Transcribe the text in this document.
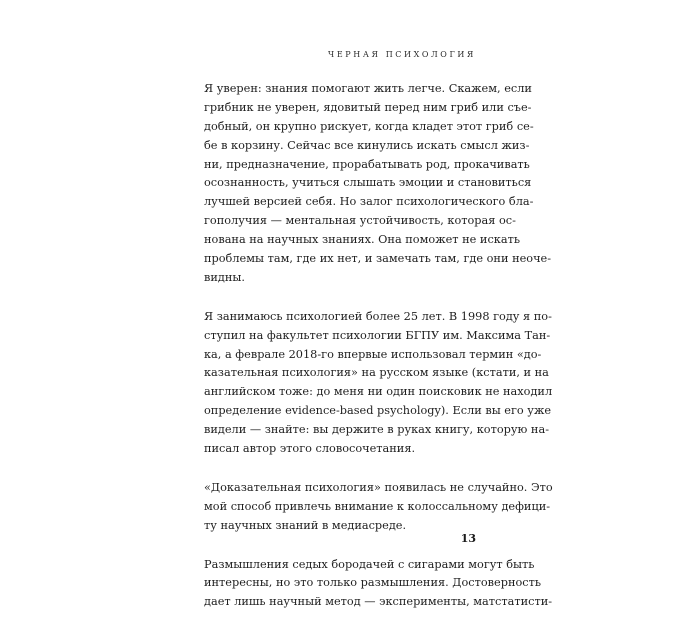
ЧЕРНАЯ ПСИХОЛОГИЯ
Я уверен: знания помогают жить легче. Скажем, если
грибник не уверен, ядовитый перед ним гриб или съе-
добный, он крупно рискует, когда кладет этот гриб се-
бе в корзину. Сейчас все кинулись искать смысл жиз-
ни, предназначение, прорабатывать род, прокачивать
осознанность, учиться слышать эмоции и становиться
лучшей версией себя. Но залог психологического бла-
гополучия — ментальная устойчивость, которая ос-
нована на научных знаниях. Она поможет не искать
проблемы там, где их нет, и замечать там, где они неоче-
видны.
Я занимаюсь психологией более 25 лет. В 1998 году я по-
ступил на факультет психологии БГПУ им. Максима Тан-
ка, а феврале 2018-го впервые использовал термин «до-
казательная психология» на русском языке (кстати, и на
английском тоже: до меня ни один поисковик не находил
определение evidence-based psychology). Если вы его уже
видели — знайте: вы держите в руках книгу, которую на-
писал автор этого словосочетания.
«Доказательная психология» появилась не случайно. Это
мой способ привлечь внимание к колоссальному дефици-
ту научных знаний в медиасреде.
Размышления седых бородачей с сигарами могут быть
интересны, но это только размышления. Достоверность
дает лишь научный метод — эксперименты, матстатисти-
13
